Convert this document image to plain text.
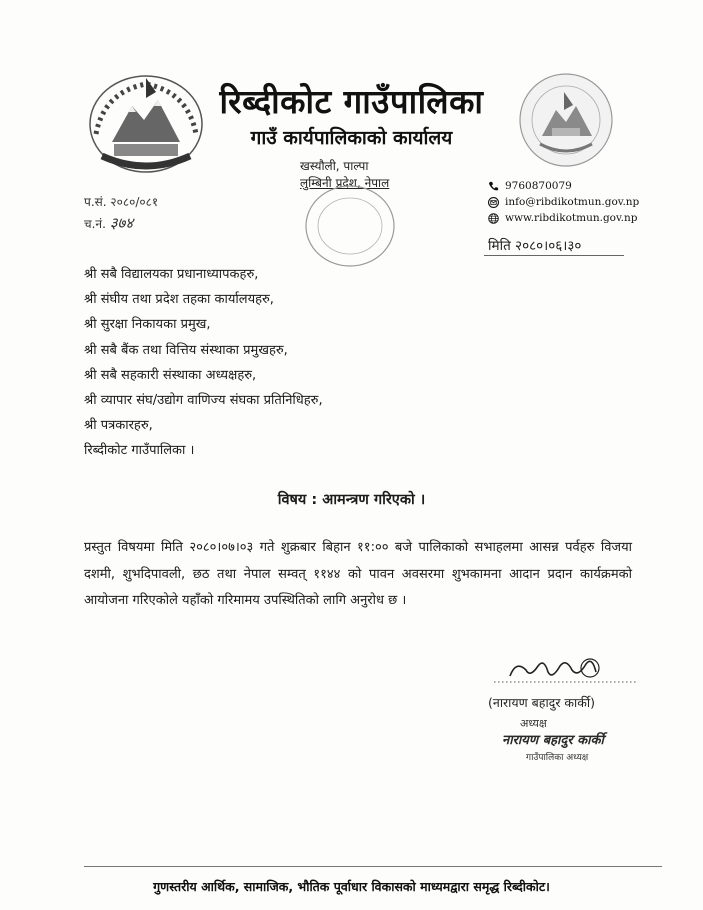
रिब्दीकोट गाउँपालिका
गाउँ कार्यपालिकाको कार्यालय
खस्यौली, पाल्पा
लुम्बिनी प्रदेश, नेपाल
प.सं. २०८०/०८१
च.नं. ३७४
9760870079
info@ribdikotmun.gov.np
www.ribdikotmun.gov.np
मिति २०८०।०६।३०
श्री सबै विद्यालयका प्रधानाध्यापकहरु,
श्री संघीय तथा प्रदेश तहका कार्यालयहरु,
श्री सुरक्षा निकायका प्रमुख,
श्री सबै बैंक तथा वित्तिय संस्थाका प्रमुखहरु,
श्री सबै सहकारी संस्थाका अध्यक्षहरु,
श्री व्यापार संघ/उद्योग वाणिज्य संघका प्रतिनिधिहरु,
श्री पत्रकारहरु,
रिब्दीकोट गाउँपालिका ।
विषय : आमन्त्रण गरिएको ।
प्रस्तुत विषयमा मिति २०८०।०७।०३ गते शुक्रबार बिहान ११:०० बजे पालिकाको सभाहलमा आसन्न पर्वहरु विजया दशमी, शुभदिपावली, छठ तथा नेपाल सम्वत् ११४४ को पावन अवसरमा शुभकामना आदान प्रदान कार्यक्रमको आयोजना गरिएकोले यहाँको गरिमामय उपस्थितिको लागि अनुरोध छ ।
(नारायण बहादुर कार्की)
अध्यक्ष
नारायण बहादुर कार्की
गाउँपालिका अध्यक्ष
गुणस्तरीय आर्थिक, सामाजिक, भौतिक पूर्वाधार विकासको माध्यमद्वारा समृद्ध रिब्दीकोट।
